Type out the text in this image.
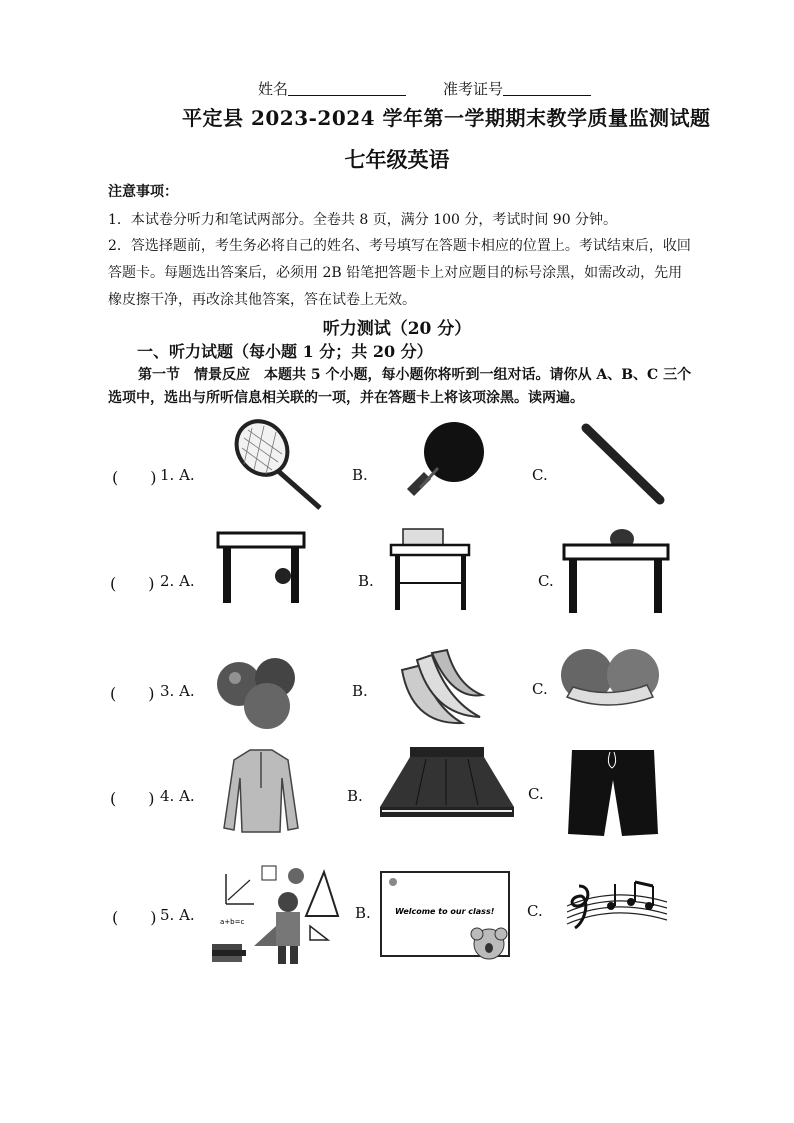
姓名	准考证号
平定县 2023-2024 学年第一学期期末教学质量监测试题
七年级英语
注意事项：
1．本试卷分听力和笔试两部分。全卷共 8 页，满分 100 分，考试时间 90 分钟。
2．答选择题前，考生务必将自己的姓名、考号填写在答题卡相应的位置上。考试结束后，收回
答题卡。每题选出答案后，必须用 2B 铅笔把答题卡上对应题目的标号涂黑，如需改动，先用
橡皮擦干净，再改涂其他答案，答在试卷上无效。
听力测试（20 分）
一、听力试题（每小题 1 分；共 20 分）
第一节　情景反应　本题共 5 个小题，每小题你将听到一组对话。请你从 A、B、C 三个
选项中，选出与所听信息相关联的一项，并在答题卡上将该项涂黑。读两遍。
(　　) 1. A.	B.	C.
(　　) 2. A.	B.	C.
(　　) 3. A.	B.	C.
(　　) 4. A.	B.	C.
(　　) 5. A.	B.	C.
a+b=c
Welcome to our class!
